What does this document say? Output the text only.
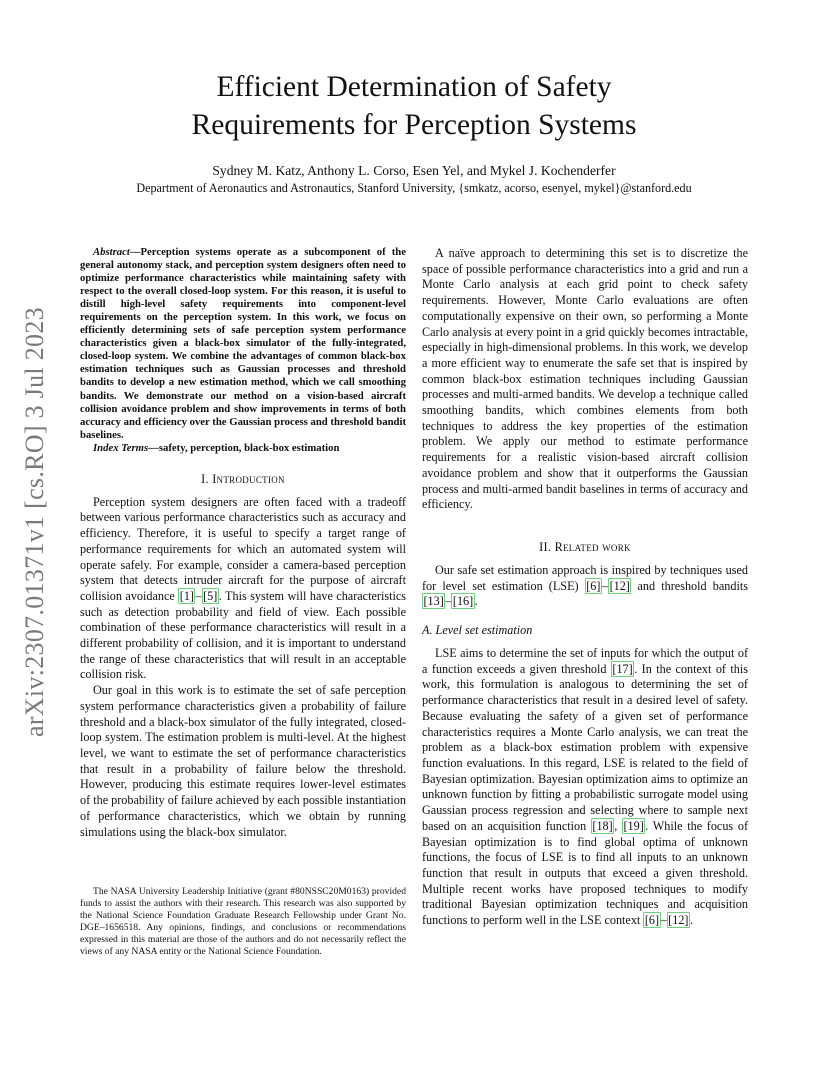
arXiv:2307.01371v1 [cs.RO] 3 Jul 2023
Efficient Determination of Safety
Requirements for Perception Systems
Sydney M. Katz, Anthony L. Corso, Esen Yel, and Mykel J. Kochenderfer
Department of Aeronautics and Astronautics, Stanford University, {smkatz, acorso, esenyel, mykel}@stanford.edu

Abstract—Perception systems operate as a subcomponent of the general autonomy stack, and perception system designers often need to optimize performance characteristics while maintaining safety with respect to the overall closed-loop system. For this reason, it is useful to distill high-level safety requirements into component-level requirements on the perception system. In this work, we focus on efficiently determining sets of safe perception system performance characteristics given a black-box simulator of the fully-integrated, closed-loop system. We combine the advantages of common black-box estimation techniques such as Gaussian processes and threshold bandits to develop a new estimation method, which we call smoothing bandits. We demonstrate our method on a vision-based aircraft collision avoidance problem and show improvements in terms of both accuracy and efficiency over the Gaussian process and threshold bandit baselines.

Index Terms—safety, perception, black-box estimation

I. Introduction

Perception system designers are often faced with a tradeoff between various performance characteristics such as accuracy and efficiency. Therefore, it is useful to specify a target range of performance requirements for which an automated system will operate safely. For example, consider a camera-based perception system that detects intruder aircraft for the purpose of aircraft collision avoidance [1] – [5] . This system will have characteristics such as detection probability and field of view. Each possible combination of these performance characteristics will result in a different probability of collision, and it is important to understand the range of these characteristics that will result in an acceptable collision risk.

Our goal in this work is to estimate the set of safe perception system performance characteristics given a probability of failure threshold and a black-box simulator of the fully integrated, closed-loop system. The estimation problem is multi-level. At the highest level, we want to estimate the set of performance characteristics that result in a probability of failure below the threshold. However, producing this estimate requires lower-level estimates of the probability of failure achieved by each possible instantiation of performance characteristics, which we obtain by running simulations using the black-box simulator.

The NASA University Leadership Initiative (grant #80NSSC20M0163) provided funds to assist the authors with their research. This research was also supported by the National Science Foundation Graduate Research Fellowship under Grant No. DGE–1656518. Any opinions, findings, and conclusions or recommendations expressed in this material are those of the authors and do not necessarily reflect the views of any NASA entity or the National Science Foundation.

A naïve approach to determining this set is to discretize the space of possible performance characteristics into a grid and run a Monte Carlo analysis at each grid point to check safety requirements. However, Monte Carlo evaluations are often computationally expensive on their own, so performing a Monte Carlo analysis at every point in a grid quickly becomes intractable, especially in high-dimensional problems. In this work, we develop a more efficient way to enumerate the safe set that is inspired by common black-box estimation techniques including Gaussian processes and multi-armed bandits. We develop a technique called smoothing bandits, which combines elements from both techniques to address the key properties of the estimation problem. We apply our method to estimate performance requirements for a realistic vision-based aircraft collision avoidance problem and show that it outperforms the Gaussian process and multi-armed bandit baselines in terms of accuracy and efficiency.

II. Related work

Our safe set estimation approach is inspired by techniques used for level set estimation (LSE) [6] – [12] and threshold bandits [13] – [16] .

A. Level set estimation

LSE aims to determine the set of inputs for which the output of a function exceeds a given threshold [17] . In the context of this work, this formulation is analogous to determining the set of performance characteristics that result in a desired level of safety. Because evaluating the safety of a given set of performance characteristics requires a Monte Carlo analysis, we can treat the problem as a black-box estimation problem with expensive function evaluations. In this regard, LSE is related to the field of Bayesian optimization. Bayesian optimization aims to optimize an unknown function by fitting a probabilistic surrogate model using Gaussian process regression and selecting where to sample next based on an acquisition function [18] , [19] . While the focus of Bayesian optimization is to find global optima of unknown functions, the focus of LSE is to find all inputs to an unknown function that result in outputs that exceed a given threshold. Multiple recent works have proposed techniques to modify traditional Bayesian optimization techniques and acquisition functions to perform well in the LSE context [6] – [12] .
